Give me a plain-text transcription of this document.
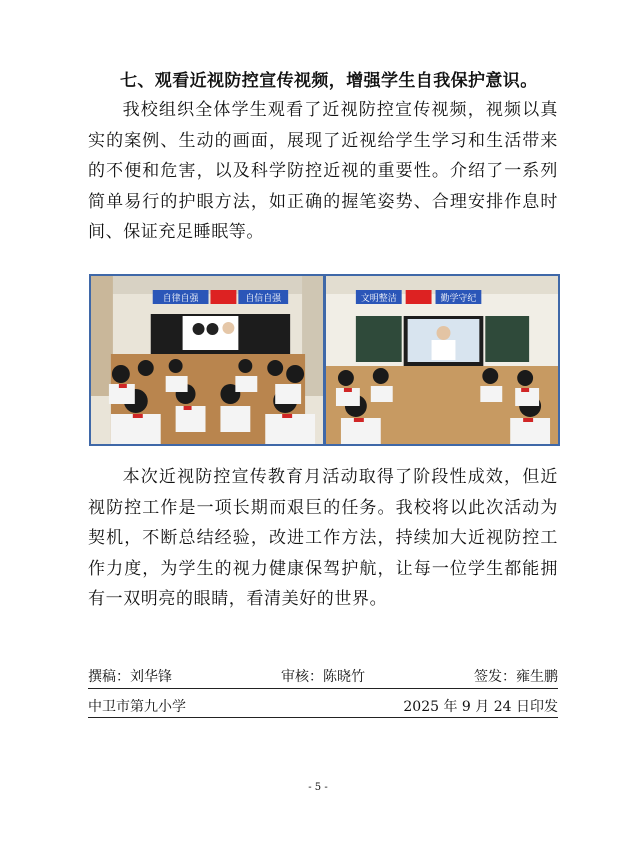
七、观看近视防控宣传视频，增强学生自我保护意识。
我校组织全体学生观看了近视防控宣传视频，视频以真实的案例、生动的画面，展现了近视给学生学习和生活带来的不便和危害，以及科学防控近视的重要性。介绍了一系列简单易行的护眼方法，如正确的握笔姿势、合理安排作息时间、保证充足睡眠等。
自律自强	自信自强	文明整洁	勤学守纪
本次近视防控宣传教育月活动取得了阶段性成效，但近视防控工作是一项长期而艰巨的任务。我校将以此次活动为契机，不断总结经验，改进工作方法，持续加大近视防控工作力度，为学生的视力健康保驾护航，让每一位学生都能拥有一双明亮的眼睛，看清美好的世界。
撰稿：刘华锋	审核：陈晓竹	签发：雍生鹏
中卫市第九小学	2025 年 9 月 24 日印发
- 5 -
